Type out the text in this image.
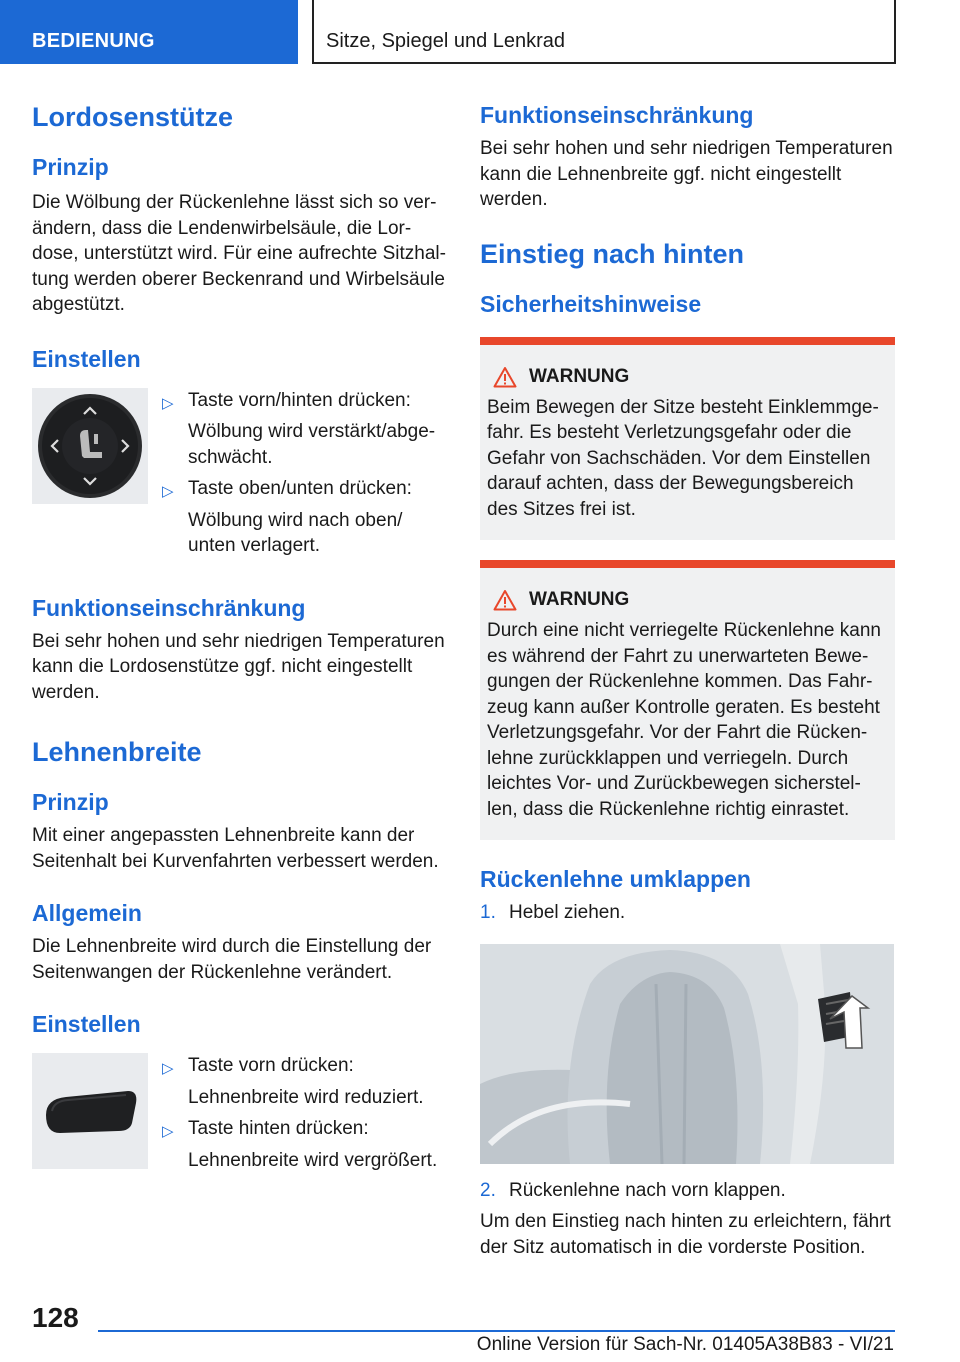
BEDIENUNG	Sitze, Spiegel und Lenkrad
Lordosenstütze
Prinzip
Die Wölbung der Rückenlehne lässt sich so verändern, dass die Lendenwirbelsäule, die Lordose, unterstützt wird. Für eine aufrechte Sitzhaltung werden oberer Beckenrand und Wirbelsäule abgestützt.
Einstellen
▷ Taste vorn/hinten drücken:
Wölbung wird verstärkt/abgeschwächt.
▷ Taste oben/unten drücken:
Wölbung wird nach oben/ unten verlagert.
Funktionseinschränkung
Bei sehr hohen und sehr niedrigen Temperaturen kann die Lordosenstütze ggf. nicht eingestellt werden.
Lehnenbreite
Prinzip
Mit einer angepassten Lehnenbreite kann der Seitenhalt bei Kurvenfahrten verbessert werden.
Allgemein
Die Lehnenbreite wird durch die Einstellung der Seitenwangen der Rückenlehne verändert.
Einstellen
▷ Taste vorn drücken:
Lehnenbreite wird reduziert.
▷ Taste hinten drücken:
Lehnenbreite wird vergrößert.
Funktionseinschränkung
Bei sehr hohen und sehr niedrigen Temperaturen kann die Lehnenbreite ggf. nicht eingestellt werden.
Einstieg nach hinten
Sicherheitshinweise
WARNUNG
Beim Bewegen der Sitze besteht Einklemmgefahr. Es besteht Verletzungsgefahr oder die Gefahr von Sachschäden. Vor dem Einstellen darauf achten, dass der Bewegungsbereich des Sitzes frei ist.
WARNUNG
Durch eine nicht verriegelte Rückenlehne kann es während der Fahrt zu unerwarteten Bewegungen der Rückenlehne kommen. Das Fahrzeug kann außer Kontrolle geraten. Es besteht Verletzungsgefahr. Vor der Fahrt die Rückenlehne zurückklappen und verriegeln. Durch leichtes Vor- und Zurückbewegen sicherstellen, dass die Rückenlehne richtig einrastet.
Rückenlehne umklappen
1. Hebel ziehen.
2. Rückenlehne nach vorn klappen.
Um den Einstieg nach hinten zu erleichtern, fährt der Sitz automatisch in die vorderste Position.
128
Online Version für Sach-Nr. 01405A38B83 - VI/21
